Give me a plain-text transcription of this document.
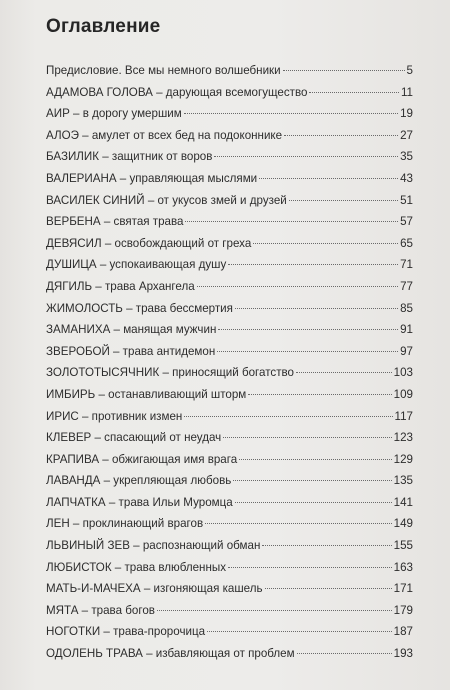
Оглавление
Предисловие. Все мы немного волшебники	5
АДАМОВА ГОЛОВА – дарующая всемогущество	11
АИР – в дорогу умершим	19
АЛОЭ – амулет от всех бед на подоконнике	27
БАЗИЛИК – защитник от воров	35
ВАЛЕРИАНА – управляющая мыслями	43
ВАСИЛЕК СИНИЙ – от укусов змей и друзей	51
ВЕРБЕНА – святая трава	57
ДЕВЯСИЛ – освобождающий от греха	65
ДУШИЦА – успокаивающая душу	71
ДЯГИЛЬ – трава Архангела	77
ЖИМОЛОСТЬ – трава бессмертия	85
ЗАМАНИХА – манящая мужчин	91
ЗВЕРОБОЙ – трава антидемон	97
ЗОЛОТОТЫСЯЧНИК – приносящий богатство	103
ИМБИРЬ – останавливающий шторм	109
ИРИС – противник измен	117
КЛЕВЕР – спасающий от неудач	123
КРАПИВА – обжигающая имя врага	129
ЛАВАНДА – укрепляющая любовь	135
ЛАПЧАТКА – трава Ильи Муромца	141
ЛЕН – проклинающий врагов	149
ЛЬВИНЫЙ ЗЕВ – распознающий обман	155
ЛЮБИСТОК – трава влюбленных	163
МАТЬ-И-МАЧЕХА – изгоняющая кашель	171
МЯТА – трава богов	179
НОГОТКИ – трава-пророчица	187
ОДОЛЕНЬ ТРАВА – избавляющая от проблем	193
